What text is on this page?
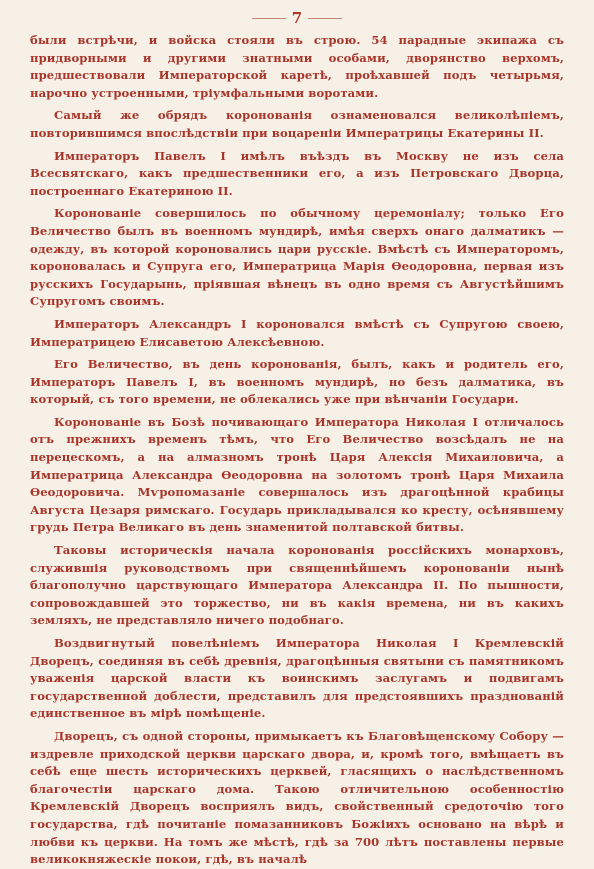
7

были встрѣчи, и войска стояли въ строю. 54 парадные экипажа съ придворными и другими знатными особами, дворянство верхомъ, предшествовали Императорской каретѣ, проѣхавшей подъ четырьмя, нарочно устроенными, тріумфальными воротами.

Самый же обрядъ коронованія ознаменовался великолѣпіемъ, повторившимся впослѣдствіи при воцареніи Императрицы Екатерины II.

Императоръ Павелъ I имѣлъ въѣздъ въ Москву не изъ села Всесвятскаго, какъ предшественники его, а изъ Петровскаго Дворца, построеннаго Екатериною II.

Коронованіе совершилось по обычному церемоніалу; только Его Величество былъ въ военномъ мундирѣ, имѣя сверхъ онаго далматикъ — одежду, въ которой короновались цари русскіе. Вмѣстѣ съ Императоромъ, короновалась и Супруга его, Императрица Марія Ѳеодоровна, первая изъ русскихъ Государынь, пріявшая вѣнецъ въ одно время съ Августѣйшимъ Супругомъ своимъ.

Императоръ Александръ I короновался вмѣстѣ съ Супругою своею, Императрицею Елисаветою Алексѣевною.

Его Величество, въ день коронованія, былъ, какъ и родитель его, Императоръ Павелъ I, въ военномъ мундирѣ, но безъ далматика, въ который, съ того времени, не облекались уже при вѣнчаніи Государи.

Коронованіе въ Бозѣ почивающаго Императора Николая I отличалось отъ прежнихъ временъ тѣмъ, что Его Величество возсѣдалъ не на перецескомъ, а на алмазномъ тронѣ Царя Алексія Михаиловича, а Императрица Александра Ѳеодоровна на золотомъ тронѣ Царя Михаила Ѳеодоровича. Мѵропомазаніе совершалось изъ драгоцѣнной крабицы Августа Цезаря римскаго. Государь прикладывался ко кресту, осѣнявшему грудь Петра Великаго въ день знаменитой полтавской битвы.

Таковы историческія начала коронованія россійскихъ монарховъ, служившія руководствомъ при священнѣйшемъ коронованіи нынѣ благополучно царствующаго Императора Александра II. По пышности, сопровождавшей это торжество, ни въ какія времена, ни въ какихъ земляхъ, не представляло ничего подобнаго.

Воздвигнутый повелѣніемъ Императора Николая I Кремлевскій Дворецъ, соединяя въ себѣ древнія, драгоцѣнныя святыни съ памятникомъ уваженія царской власти къ воинскимъ заслугамъ и подвигамъ государственной доблести, представилъ для предстоявшихъ празднованій единственное въ мірѣ помѣщеніе.

Дворецъ, съ одной стороны, примыкаетъ къ Благовѣщенскому Собору — издревле приходской церкви царскаго двора, и, кромѣ того, вмѣщаетъ въ себѣ еще шесть историческихъ церквей, гласящихъ о наслѣдственномъ благочестіи царскаго дома. Такою отличительною особенностію Кремлевскій Дворецъ восприялъ видъ, свойственный средоточію того государства, гдѣ почитаніе помазанниковъ Божіихъ основано на вѣрѣ и любви къ церкви. На томъ же мѣстѣ, гдѣ за 700 лѣтъ поставлены первые великокняжескіе покои, гдѣ, въ началѣ
